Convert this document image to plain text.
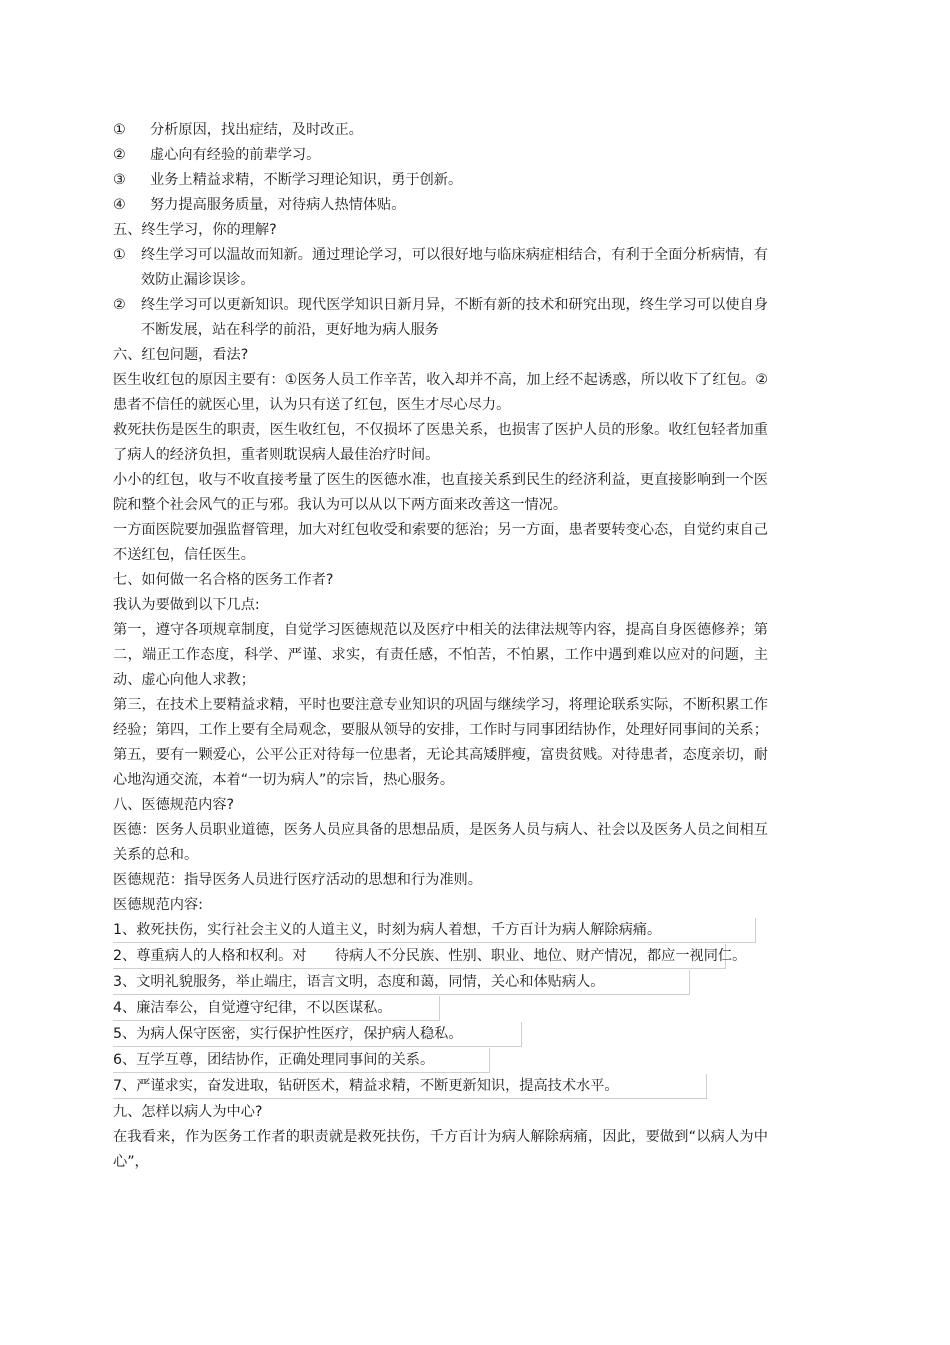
①	分析原因，找出症结，及时改正。
②	虚心向有经验的前辈学习。
③	业务上精益求精，不断学习理论知识，勇于创新。
④	努力提高服务质量，对待病人热情体贴。
五、终生学习，你的理解?
① 终生学习可以温故而知新。通过理论学习，可以很好地与临床病症相结合，有利于全面分析病情，有效防止漏诊误诊。
② 终生学习可以更新知识。现代医学知识日新月异，不断有新的技术和研究出现，终生学习可以使自身不断发展，站在科学的前沿，更好地为病人服务
六、红包问题，看法?
医生收红包的原因主要有：①医务人员工作辛苦，收入却并不高，加上经不起诱惑，所以收下了红包。②患者不信任的就医心里，认为只有送了红包，医生才尽心尽力。
救死扶伤是医生的职责，医生收红包，不仅损坏了医患关系，也损害了医护人员的形象。收红包轻者加重了病人的经济负担，重者则耽误病人最佳治疗时间。
小小的红包，收与不收直接考量了医生的医德水准，也直接关系到民生的经济利益，更直接影响到一个医院和整个社会风气的正与邪。我认为可以从以下两方面来改善这一情况。
一方面医院要加强监督管理，加大对红包收受和索要的惩治；另一方面，患者要转变心态，自觉约束自己不送红包，信任医生。
七、如何做一名合格的医务工作者?
我认为要做到以下几点:
第一，遵守各项规章制度，自觉学习医德规范以及医疗中相关的法律法规等内容，提高自身医德修养；第二，端正工作态度，科学、严谨、求实，有责任感，不怕苦，不怕累，工作中遇到难以应对的问题，主动、虚心向他人求教；
第三，在技术上要精益求精，平时也要注意专业知识的巩固与继续学习，将理论联系实际，不断积累工作经验；第四，工作上要有全局观念，要服从领导的安排，工作时与同事团结协作，处理好同事间的关系；第五，要有一颗爱心，公平公正对待每一位患者，无论其高矮胖瘦，富贵贫贱。对待患者，态度亲切，耐心地沟通交流，本着“一切为病人”的宗旨，热心服务。
八、医德规范内容?
医德：医务人员职业道德，医务人员应具备的思想品质，是医务人员与病人、社会以及医务人员之间相互关系的总和。
医德规范：指导医务人员进行医疗活动的思想和行为准则。
医德规范内容:
1、救死扶伤，实行社会主义的人道主义，时刻为病人着想，千方百计为病人解除病痛。
2、尊重病人的人格和权利。对　　待病人不分民族、性别、职业、地位、财产情况，都应一视同仁。
3、文明礼貌服务，举止端庄，语言文明，态度和蔼，同情，关心和体贴病人。
4、廉洁奉公，自觉遵守纪律，不以医谋私。
5、为病人保守医密，实行保护性医疗，保护病人稳私。
6、互学互尊，团结协作，正确处理同事间的关系。
7、严谨求实，奋发进取，钻研医术，精益求精，不断更新知识，提高技术水平。
九、怎样以病人为中心?
在我看来，作为医务工作者的职责就是救死扶伤，千方百计为病人解除病痛，因此，要做到“以病人为中心”，
